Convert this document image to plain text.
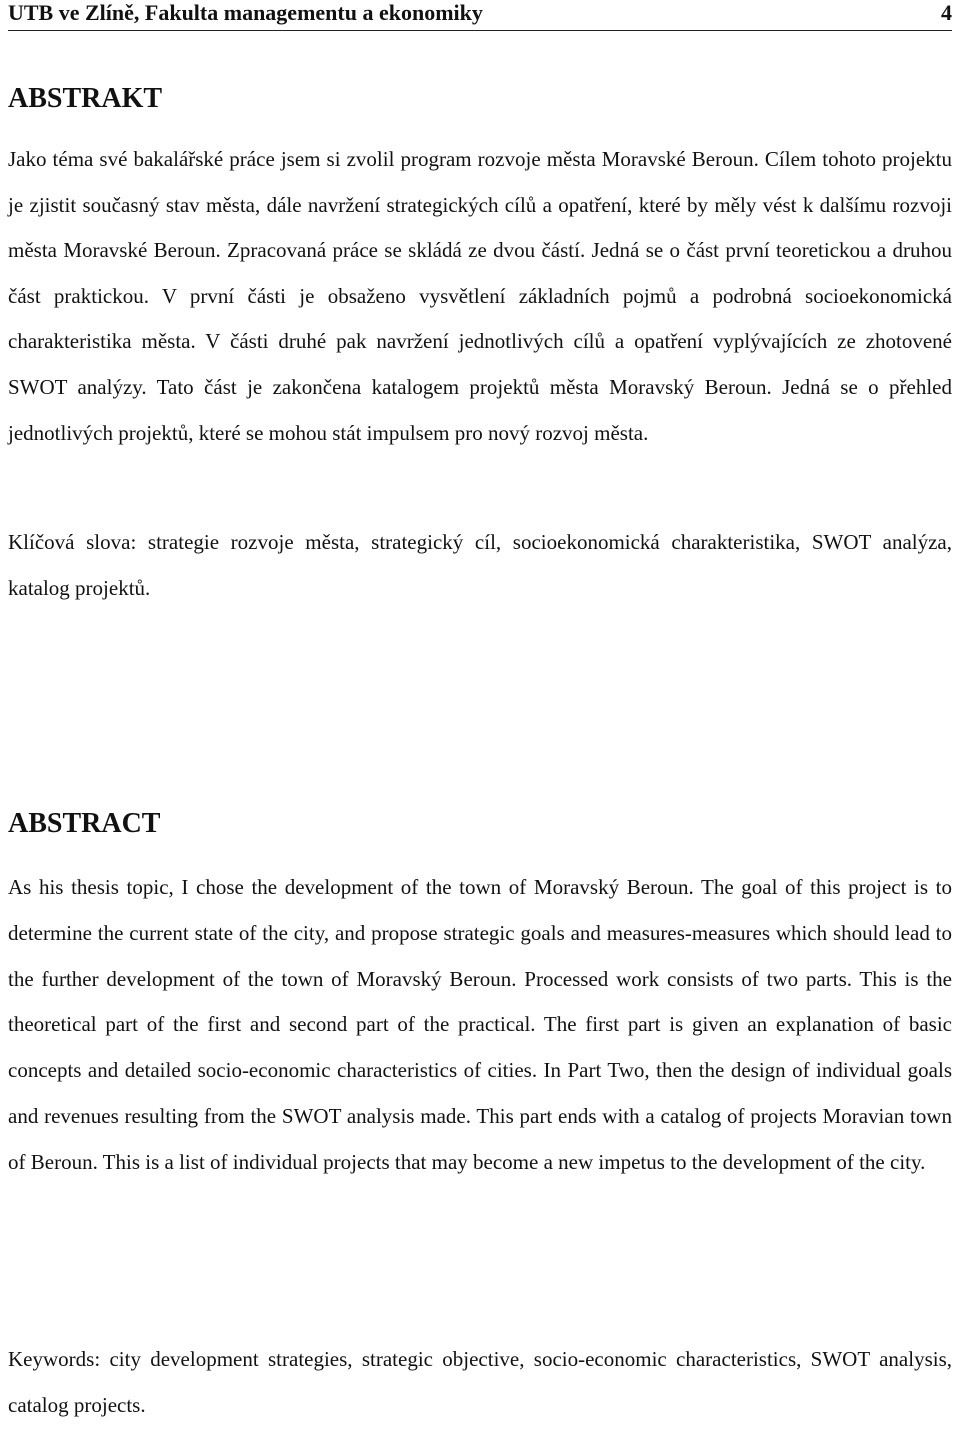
UTB ve Zlíně, Fakulta managementu a ekonomiky	4
ABSTRAKT

Jako téma své bakalářské práce jsem si zvolil program rozvoje města Moravské Beroun. Cílem tohoto projektu je zjistit současný stav města, dále navržení strategických cílů a opatření, které by měly vést k dalšímu rozvoji města Moravské Beroun. Zpracovaná práce se skládá ze dvou částí. Jedná se o část první teoretickou a druhou část praktickou. V první části je obsaženo vysvětlení základních pojmů a podrobná socioekonomická charakteristika města. V části druhé pak navržení jednotlivých cílů a opatření vyplývajících ze zhotovené SWOT analýzy. Tato část je zakončena katalogem projektů města Moravský Beroun. Jedná se o přehled jednotlivých projektů, které se mohou stát impulsem pro nový rozvoj města.

Klíčová slova: strategie rozvoje města, strategický cíl, socioekonomická charakteristika, SWOT analýza, katalog projektů.

ABSTRACT

As his thesis topic, I chose the development of the town of Moravský Beroun. The goal of this project is to determine the current state of the city, and propose strategic goals and measures-measures which should lead to the further development of the town of Moravský Beroun. Processed work consists of two parts. This is the theoretical part of the first and second part of the practical. The first part is given an explanation of basic concepts and detailed socio-economic characteristics of cities. In Part Two, then the design of individual goals and revenues resulting from the SWOT analysis made. This part ends with a catalog of projects Moravian town of Beroun. This is a list of individual projects that may become a new impetus to the development of the city.

Keywords: city development strategies, strategic objective, socio-economic characteristics, SWOT analysis, catalog projects.
